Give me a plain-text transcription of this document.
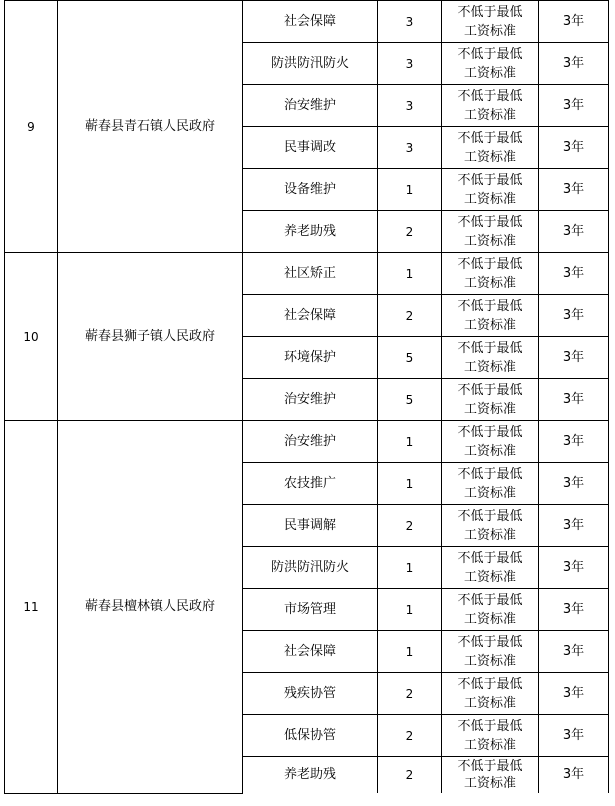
9	蕲春县青石镇人民政府	社会保障	3	不低于最低
工资标准	3年
		防洪防汛防火	3	不低于最低
工资标准	3年
		治安维护	3	不低于最低
工资标准	3年
		民事调改	3	不低于最低
工资标准	3年
		设备维护	1	不低于最低
工资标准	3年
		养老助残	2	不低于最低
工资标准	3年
10	蕲春县狮子镇人民政府	社区矫正	1	不低于最低
工资标准	3年
		社会保障	2	不低于最低
工资标准	3年
		环境保护	5	不低于最低
工资标准	3年
		治安维护	5	不低于最低
工资标准	3年
11	蕲春县檀林镇人民政府	治安维护	1	不低于最低
工资标准	3年
		农技推广	1	不低于最低
工资标准	3年
		民事调解	2	不低于最低
工资标准	3年
		防洪防汛防火	1	不低于最低
工资标准	3年
		市场管理	1	不低于最低
工资标准	3年
		社会保障	1	不低于最低
工资标准	3年
		残疾协管	2	不低于最低
工资标准	3年
		低保协管	2	不低于最低
工资标准	3年
		养老助残	2	不低于最低
工资标准	3年
